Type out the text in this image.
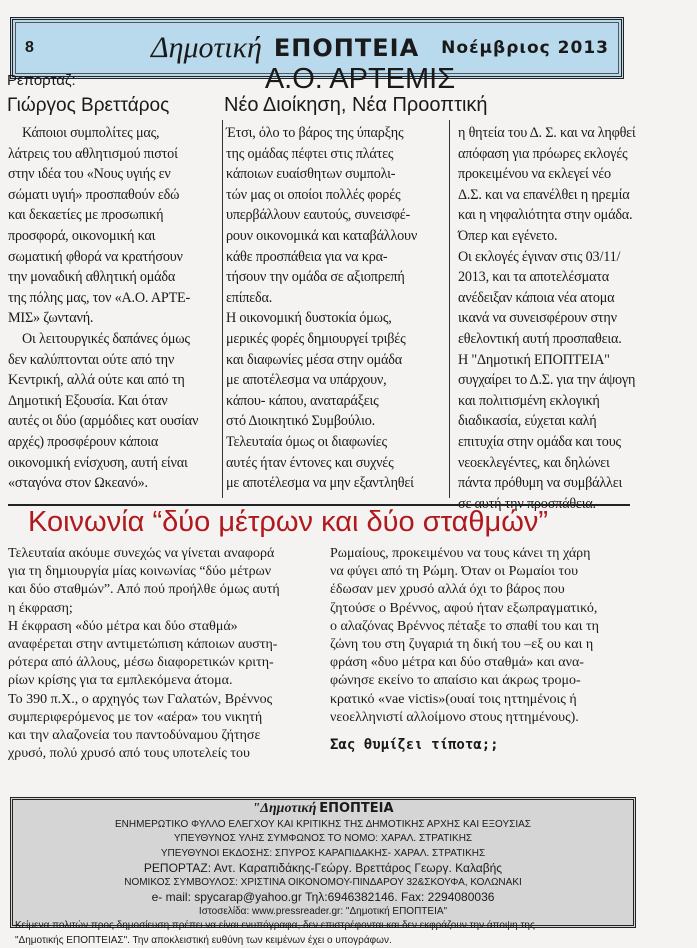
8	Δημοτική ΕΠΟΠΤΕΙΑ Νοέμβριος 2013
Ρεπορταζ:
Γιώργος Βρεττάρος
Α.Ο. ΑΡΤΕΜΙΣ
Νέο Διοίκηση, Νέα Προοπτική
Κάποιοι συμπολίτες μας,
λάτρεις του αθλητισμού πιστοί
στην ιδέα του «Νους υγιής εν
σώματι υγιή» προσπαθούν εδώ
και δεκαετίες με προσωπική
προσφορά, οικονομική και
σωματική φθορά να κρατήσουν
την μοναδική αθλητική ομάδα
της πόλης μας, τον «Α.Ο. ΑΡΤΕ-
ΜΙΣ» ζωντανή.
Οι λειτουργικές δαπάνες όμως
δεν καλύπτονται ούτε από την
Κεντρική, αλλά ούτε και από τη
Δημοτική Εξουσία. Και όταν
αυτές οι δύο (αρμόδιες κατ ουσίαν
αρχές) προσφέρουν κάποια
οικονομική ενίσχυση, αυτή είναι
«σταγόνα στον Ωκεανό».
Έτσι, όλο το βάρος της ύπαρξης
της ομάδας πέφτει στις πλάτες
κάποιων ευαίσθητων συμπολι-
τών μας οι οποίοι πολλές φορές
υπερβάλλουν εαυτούς, συνεισφέ-
ρουν οικονομικά και καταβάλλουν
κάθε προσπάθεια για να κρα-
τήσουν την ομάδα σε αξιοπρεπή
επίπεδα.
Η οικονομική δυστοκία όμως,
μερικές φορές δημιουργεί τριβές
και διαφωνίες μέσα στην ομάδα
με αποτέλεσμα να υπάρχουν,
κάπου- κάπου, αναταράξεις
στό Διοικητικό Συμβούλιο.
Τελευταία όμως οι διαφωνίες
αυτές ήταν έντονες και συχνές
με αποτέλεσμα να μην εξαντληθεί
η θητεία του Δ. Σ. και να ληφθεί
απόφαση για πρόωρες εκλογές
προκειμένου να εκλεγεί νέο
Δ.Σ. και να επανέλθει η ηρεμία
και η νηφαλιότητα στην ομάδα.
Όπερ και εγένετο.
Οι εκλογές έγιναν στις 03/11/
2013, και τα αποτελέσματα
ανέδειξαν κάποια νέα ατομα
ικανά να συνεισφέρουν στην
εθελοντική αυτή προσπαθεια.
Η "Δημοτική ΕΠΟΠΤΕΙΑ"
συγχαίρει το Δ.Σ. για την άψογη
και πολιτισμένη εκλογική
διαδικασία, εύχεται καλή
επιτυχία στην ομάδα και τους
νεοεκλεγέντες, και δηλώνει
πάντα πρόθυμη να συμβάλλει
Κοινωνία “δύο μέτρων και δύο σταθμών”
Τελευταία ακόυμε συνεχώς να γίνεται αναφορά
για τη δημιουργία μίας κοινωνίας “δύο μέτρων
και δύο σταθμών”. Από πού προήλθε όμως αυτή
η έκφραση;
Η έκφραση «δύο μέτρα και δύο σταθμά»
αναφέρεται στην αντιμετώπιση κάποιων αυστη-
ρότερα από άλλους, μέσω διαφορετικών κριτη-
ρίων κρίσης για τα εμπλεκόμενα άτομα.
Το 390 π.Χ., ο αρχηγός των Γαλατών, Βρέννος
συμπεριφερόμενος με τον «αέρα» του νικητή
και την αλαζονεία του παντοδύναμου ζήτησε
χρυσό, πολύ χρυσό από τους υποτελείς του
Ρωμαίους, προκειμένου να τους κάνει τη χάρη
να φύγει από τη Ρώμη. Όταν οι Ρωμαίοι του
έδωσαν μεν χρυσό αλλά όχι το βάρος που
ζητούσε ο Βρέννος, αφού ήταν εξωπραγματικό,
ο αλαζόνας Βρέννος πέταξε το σπαθί του και τη
ζώνη του στη ζυγαριά τη δική του –εξ ου και η
φράση «δυο μέτρα και δύο σταθμά» και ανα-
φώνησε εκείνο το απαίσιο και άκρως τρομο-
κρατικό «vae victis»(ουαί τοις ηττημένοις ή
νεοελληνιστί αλλοίμονο στους ηττημένους).
Σας θυμίζει τίποτα;;
"Δημοτική ΕΠΟΠΤΕΙΑ
ΕΝΗΜΕΡΩΤΙΚΟ ΦΥΛΛΟ ΕΛΕΓΧΟΥ ΚΑΙ ΚΡΙΤΙΚΗΣ ΤΗΣ ΔΗΜΟΤΙΚΗΣ ΑΡΧΗΣ ΚΑΙ ΕΞΟΥΣΙΑΣ
ΥΠΕΥΘΥΝΟΣ ΥΛΗΣ ΣΥΜΦΩΝΟΣ ΤΟ ΝΟΜΟ: ΧΑΡΑΛ. ΣΤΡΑΤΙΚΗΣ
ΥΠΕΥΘΥΝΟΙ ΕΚΔΟΣΗΣ: ΣΠΥΡΟΣ ΚΑΡΑΠΙΔΑΚΗΣ- ΧΑΡΑΛ. ΣΤΡΑΤΙΚΗΣ
ΡΕΠΟΡΤΑΖ: Αντ. Καραπιδάκης-Γεώργ. Βρεττάρος Γεωργ. Καλαβής
ΝΟΜΙΚΟΣ ΣΥΜΒΟΥΛΟΣ: ΧΡΙΣΤΙΝΑ ΟΙΚΟΝΟΜΟΥ-ΠΙΝΔΑΡΟΥ 32&ΣΚΟΥΦΑ, ΚΟΛΩΝΑΚΙ
e- mail: spycarap@yahoo.gr Τηλ:6946382146. Fax: 2294080036
Ιστοσελίδα: www.pressreader.gr: "Δημοτική ΕΠΟΠΤΕΙΑ"
Κείμενα πολιτών προς δημοσίευση πρέπει να είναι ενυπόγραφα, δεν επιστρέφονται και δεν εκφράζουν την άποψη της
"Δημοτικής ΕΠΟΠΤΕΙΑΣ". Την αποκλειστική ευθύνη των κειμένων έχει ο υπογράφων.
